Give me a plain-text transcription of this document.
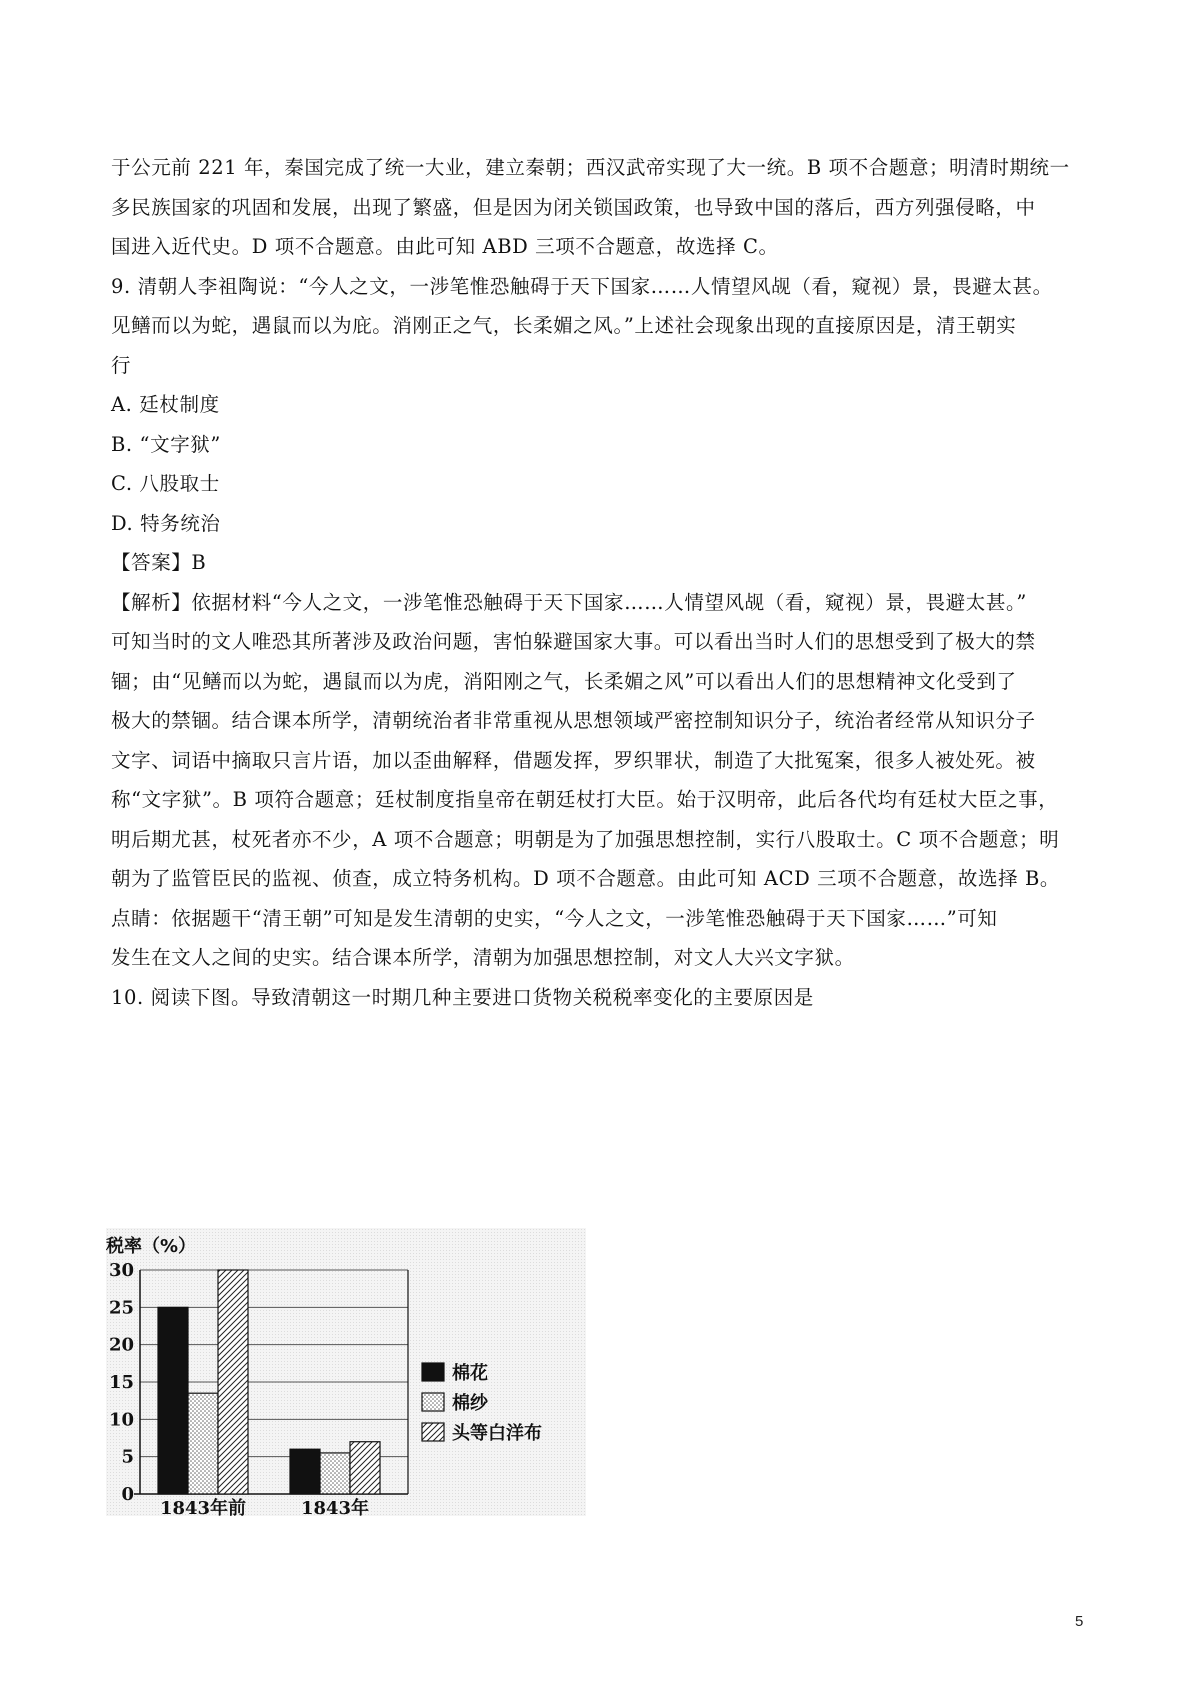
于公元前 221 年，秦国完成了统一大业，建立秦朝；西汉武帝实现了大一统。B 项不合题意；明清时期统一
多民族国家的巩固和发展，出现了繁盛，但是因为闭关锁国政策，也导致中国的落后，西方列强侵略，中
国进入近代史。D 项不合题意。由此可知 ABD 三项不合题意，故选择 C。
9. 清朝人李祖陶说：“今人之文，一涉笔惟恐触碍于天下国家……人情望风觇（看，窥视）景，畏避太甚。
见鳝而以为蛇，遇鼠而以为庇。消刚正之气，长柔媚之风。”上述社会现象出现的直接原因是，清王朝实
行
A. 廷杖制度
B. “文字狱”
C. 八股取士
D. 特务统治
【答案】B
【解析】依据材料“今人之文，一涉笔惟恐触碍于天下国家……人情望风觇（看，窥视）景，畏避太甚。”
可知当时的文人唯恐其所著涉及政治问题，害怕躲避国家大事。可以看出当时人们的思想受到了极大的禁
锢；由“见鳝而以为蛇，遇鼠而以为虎，消阳刚之气，长柔媚之风”可以看出人们的思想精神文化受到了
极大的禁锢。结合课本所学，清朝统治者非常重视从思想领域严密控制知识分子，统治者经常从知识分子
文字、词语中摘取只言片语，加以歪曲解释，借题发挥，罗织罪状，制造了大批冤案，很多人被处死。被
称“文字狱”。B 项符合题意；廷杖制度指皇帝在朝廷杖打大臣。始于汉明帝，此后各代均有廷杖大臣之事，
明后期尤甚，杖死者亦不少，A 项不合题意；明朝是为了加强思想控制，实行八股取士。C 项不合题意；明
朝为了监管臣民的监视、侦查，成立特务机构。D 项不合题意。由此可知 ACD 三项不合题意，故选择 B。
点睛：依据题干“清王朝”可知是发生清朝的史实，“今人之文，一涉笔惟恐触碍于天下国家……”可知
发生在文人之间的史实。结合课本所学，清朝为加强思想控制，对文人大兴文字狱。
10. 阅读下图。导致清朝这一时期几种主要进口货物关税税率变化的主要原因是
税率（%）
0
5
10
15
20
25
30
1843年前	1843年
棉花
棉纱
头等白洋布
5
